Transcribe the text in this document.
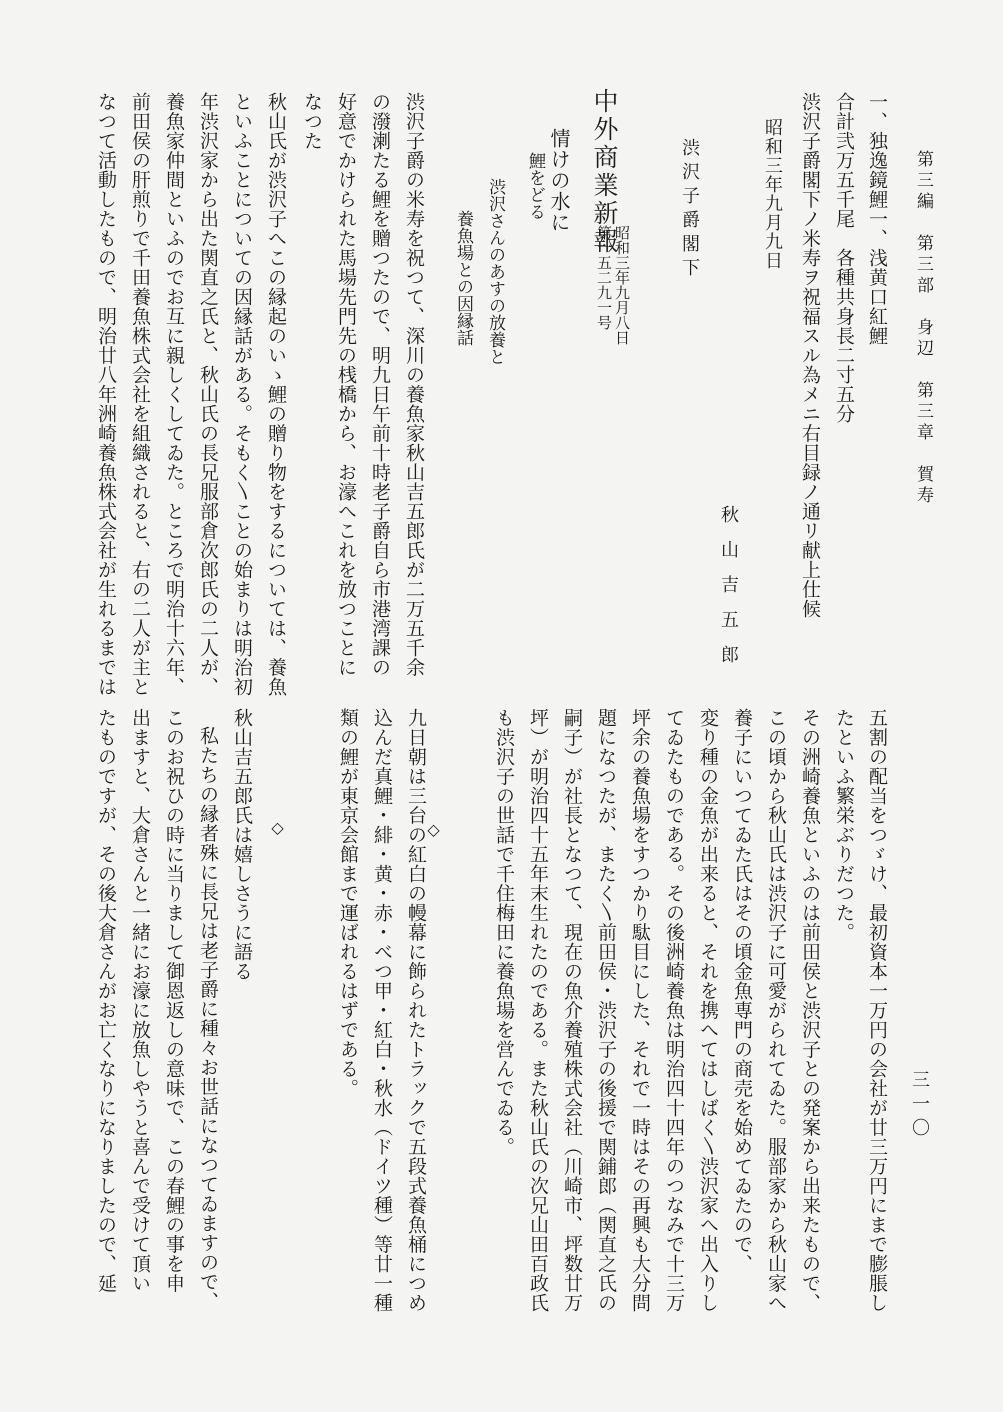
第三編　第三部　身辺　第三章　賀寿
三一〇
一、独逸鏡鯉一、浅黄口紅鯉
合計弐万五千尾　各種共身長二寸五分
渋沢子爵閣下ノ米寿ヲ祝福スル為メニ右目録ノ通リ献上仕候
昭和三年九月九日
秋山吉五郎
渋沢子爵閣下
中外商業新報
第一五二九一号 昭和三年九月八日
情けの水に
鯉をどる
渋沢さんのあすの放養と
養魚場との因縁話
渋沢子爵の米寿を祝つて、深川の養魚家秋山吉五郎氏が二万五千余
の潑溂たる鯉を贈つたので、明九日午前十時老子爵自ら市港湾課の
好意でかけられた馬場先門先の桟橋から、お濠へこれを放つことに
なつた
秋山氏が渋沢子へこの縁起のいゝ鯉の贈り物をするについては、養魚
といふことについての因縁話がある。そもく〵ことの始まりは明治初
年渋沢家から出た関直之氏と、秋山氏の長兄服部倉次郎氏の二人が、
養魚家仲間といふのでお互に親しくしてゐた。ところで明治十六年、
前田侯の肝煎りで千田養魚株式会社を組織されると、右の二人が主と
なつて活動したもので、明治廿八年洲崎養魚株式会社が生れるまでは
五割の配当をつゞけ、最初資本一万円の会社が廿三万円にまで膨脹し
たといふ繁栄ぶりだつた。
その洲崎養魚といふのは前田侯と渋沢子との発案から出来たもので、
この頃から秋山氏は渋沢子に可愛がられてゐた。服部家から秋山家へ
養子にいつてゐた氏はその頃金魚専門の商売を始めてゐたので、
変り種の金魚が出来ると、それを携へてはしばく〵渋沢家へ出入りし
てゐたものである。その後洲崎養魚は明治四十四年のつなみで十三万
坪余の養魚場をすつかり駄目にした、それで一時はその再興も大分問
題になつたが、またく〵前田侯・渋沢子の後援で関鋪郎（関直之氏の
嗣子）が社長となつて、現在の魚介養殖株式会社（川崎市、坪数廿万
坪）が明治四十五年末生れたのである。また秋山氏の次兄山田百政氏
も渋沢子の世話で千住梅田に養魚場を営んでゐる。
◇
九日朝は三台の紅白の幔幕に飾られたトラックで五段式養魚桶につめ
込んだ真鯉・緋・黄・赤・べつ甲・紅白・秋水（ドイツ種）等廿一種
類の鯉が東京会館まで運ばれるはずである。
◇
秋山吉五郎氏は嬉しさうに語る
私たちの縁者殊に長兄は老子爵に種々お世話になつてゐますので、
このお祝ひの時に当りまして御恩返しの意味で、この春鯉の事を申
出ますと、大倉さんと一緒にお濠に放魚しやうと喜んで受けて頂い
たものですが、その後大倉さんがお亡くなりになりましたので、延
